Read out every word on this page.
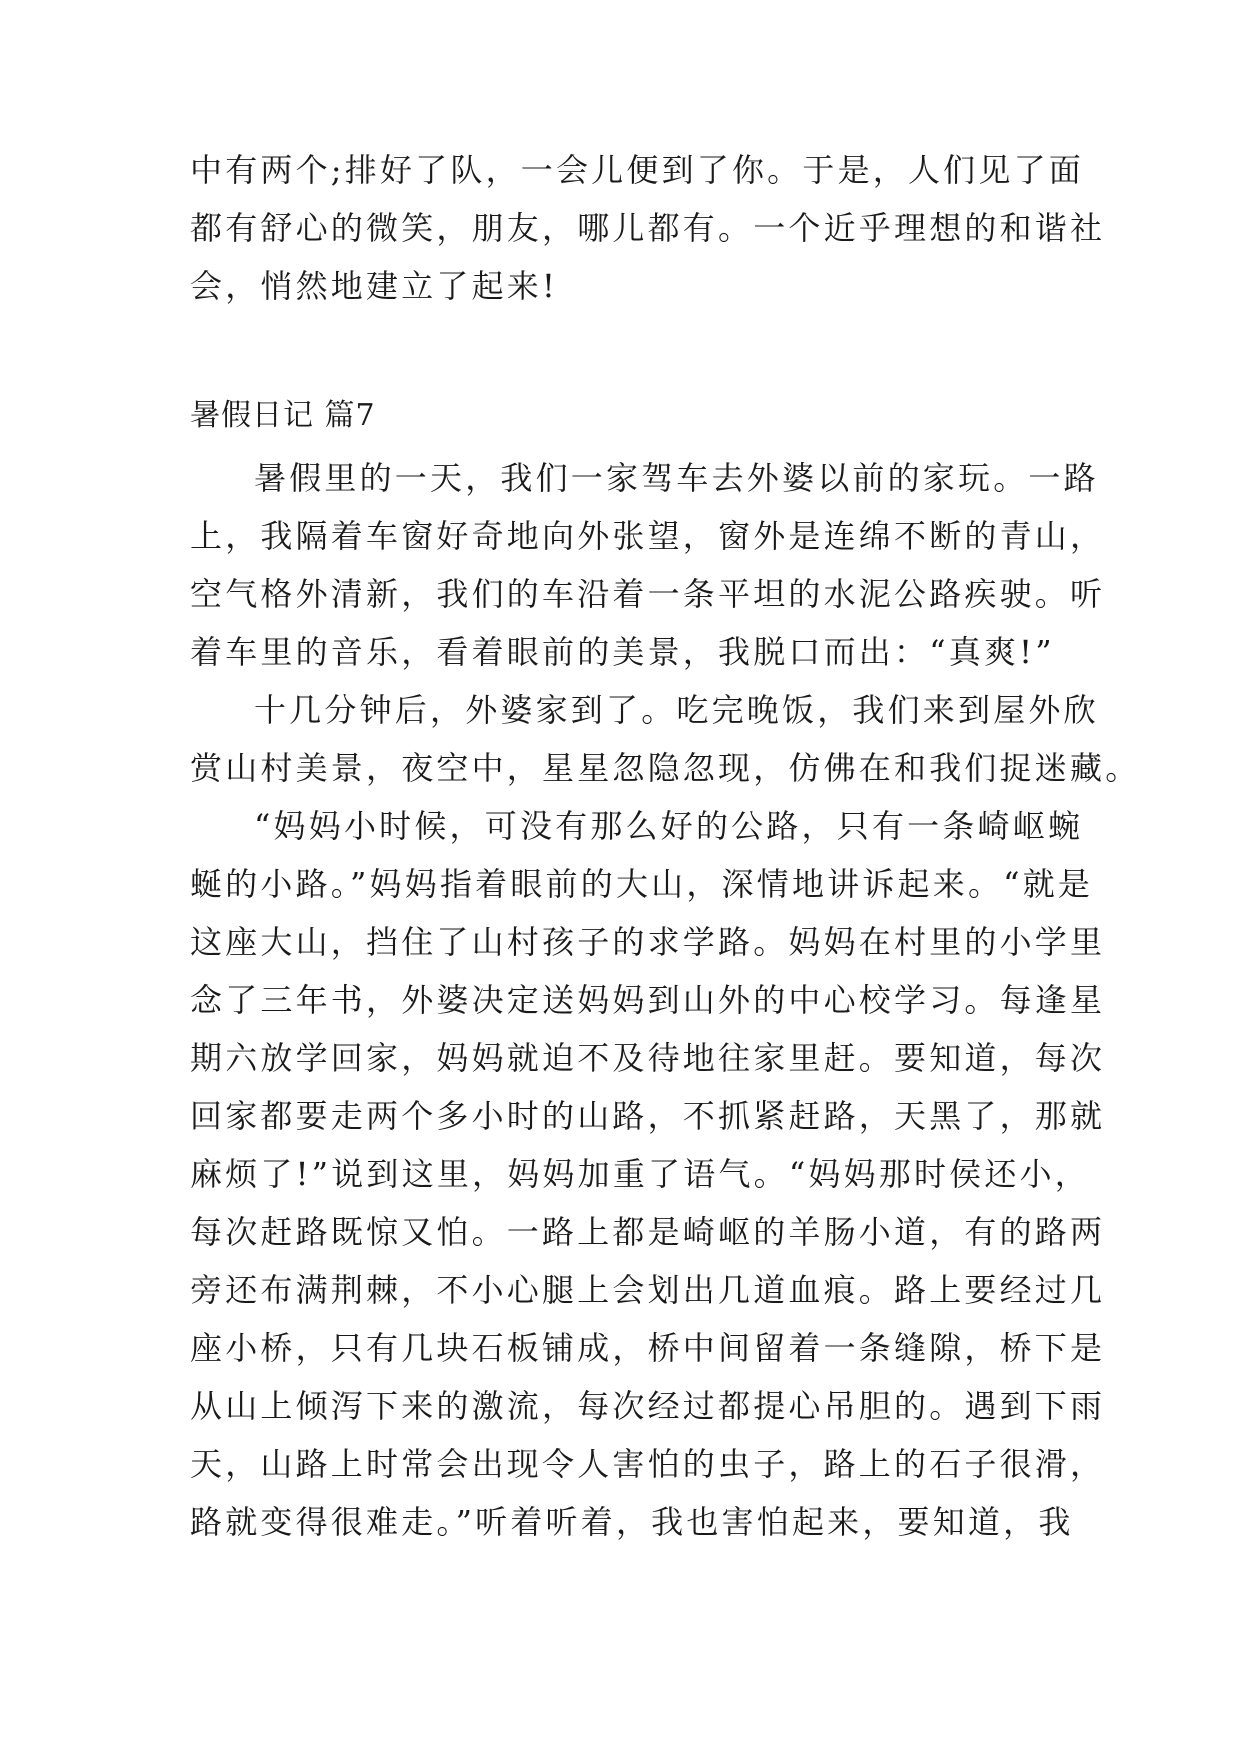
中有两个;排好了队，一会儿便到了你。于是，人们见了面
都有舒心的微笑，朋友，哪儿都有。一个近乎理想的和谐社
会，悄然地建立了起来!
暑假日记 篇7
暑假里的一天，我们一家驾车去外婆以前的家玩。一路
上，我隔着车窗好奇地向外张望，窗外是连绵不断的青山，
空气格外清新，我们的车沿着一条平坦的水泥公路疾驶。听
着车里的音乐，看着眼前的美景，我脱口而出：“真爽!”
十几分钟后，外婆家到了。吃完晚饭，我们来到屋外欣
赏山村美景，夜空中，星星忽隐忽现，仿佛在和我们捉迷藏。
“妈妈小时候，可没有那么好的公路，只有一条崎岖蜿
蜒的小路。”妈妈指着眼前的大山，深情地讲诉起来。“就是
这座大山，挡住了山村孩子的求学路。妈妈在村里的小学里
念了三年书，外婆决定送妈妈到山外的中心校学习。每逢星
期六放学回家，妈妈就迫不及待地往家里赶。要知道，每次
回家都要走两个多小时的山路，不抓紧赶路，天黑了，那就
麻烦了!”说到这里，妈妈加重了语气。“妈妈那时侯还小，
每次赶路既惊又怕。一路上都是崎岖的羊肠小道，有的路两
旁还布满荆棘，不小心腿上会划出几道血痕。路上要经过几
座小桥，只有几块石板铺成，桥中间留着一条缝隙，桥下是
从山上倾泻下来的激流，每次经过都提心吊胆的。遇到下雨
天，山路上时常会出现令人害怕的虫子，路上的石子很滑，
路就变得很难走。”听着听着，我也害怕起来，要知道，我
